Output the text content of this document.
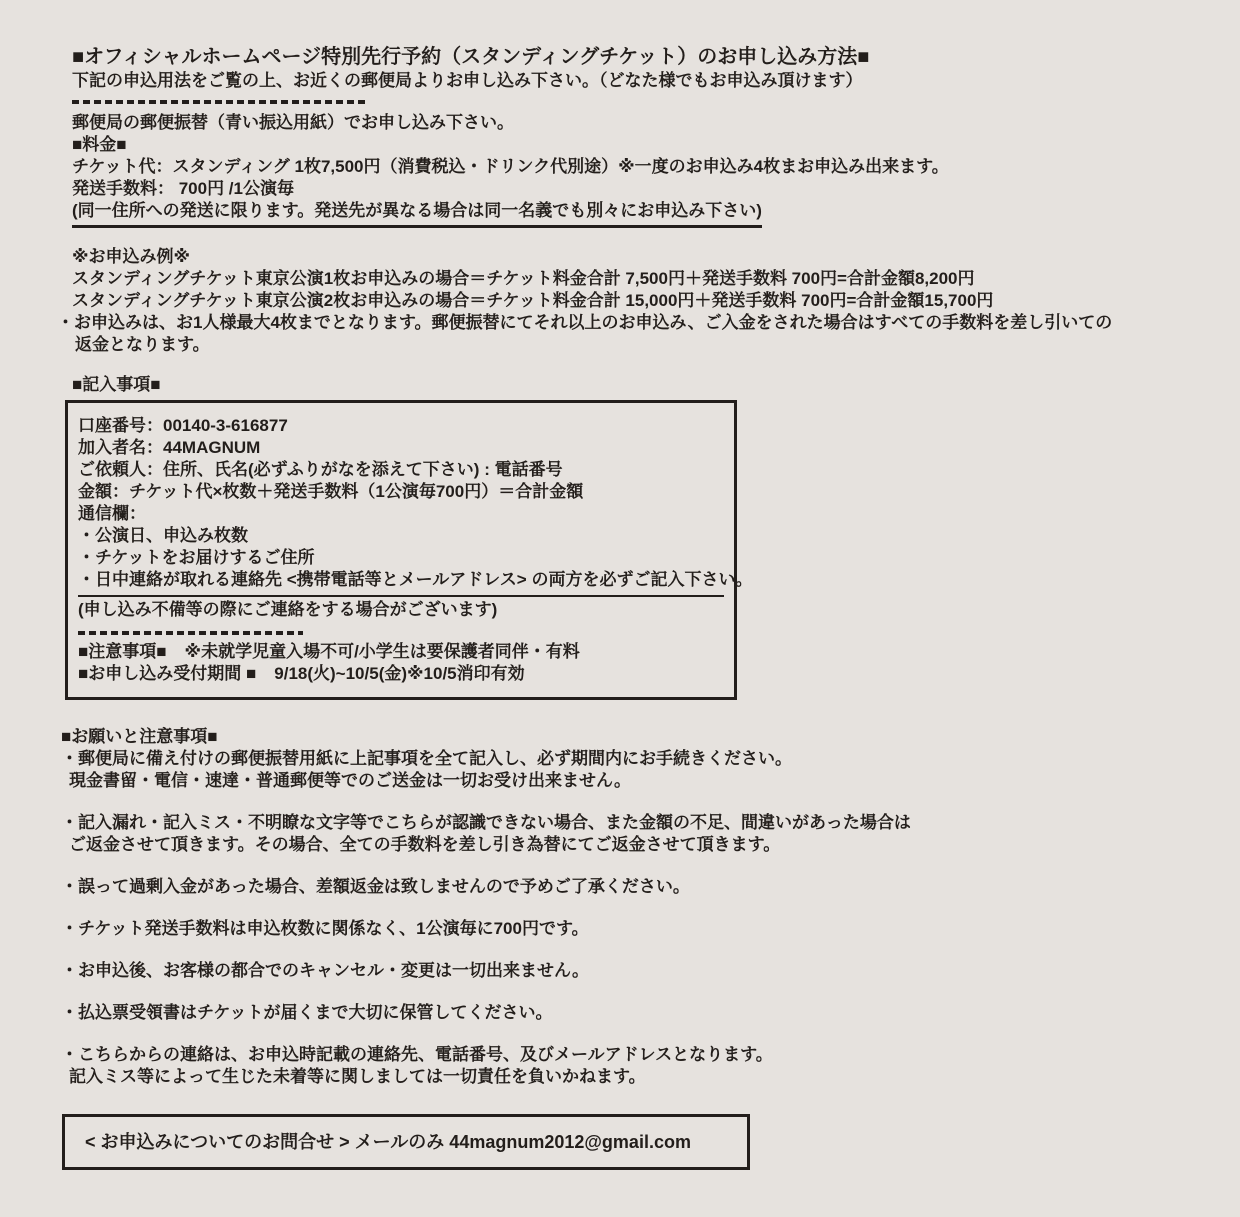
■オフィシャルホームページ特別先行予約（スタンディングチケット）のお申し込み方法■
下記の申込用法をご覧の上、お近くの郵便局よりお申し込み下さい。（どなた様でもお申込み頂けます）
郵便局の郵便振替（青い振込用紙）でお申し込み下さい。
■料金■
チケット代：スタンディング 1枚7,500円（消費税込・ドリンク代別途）※一度のお申込み4枚まお申込み出来ます。
発送手数料： 700円 /1公演毎
(同一住所への発送に限ります。発送先が異なる場合は同一名義でも別々にお申込み下さい)
※お申込み例※
スタンディングチケット東京公演1枚お申込みの場合＝チケット料金合計 7,500円＋発送手数料 700円=合計金額8,200円
スタンディングチケット東京公演2枚お申込みの場合＝チケット料金合計 15,000円＋発送手数料 700円=合計金額15,700円
・お申込みは、お1人様最大4枚までとなります。郵便振替にてそれ以上のお申込み、ご入金をされた場合はすべての手数料を差し引いての
返金となります。
■記入事項■
口座番号：00140-3-616877
加入者名：44MAGNUM
ご依頼人：住所、氏名(必ずふりがなを添えて下さい) : 電話番号
金額：チケット代×枚数＋発送手数料（1公演毎700円）＝合計金額
通信欄：
・公演日、申込み枚数
・チケットをお届けするご住所
・日中連絡が取れる連絡先 <携帯電話等とメールアドレス> の両方を必ずご記入下さい。
(申し込み不備等の際にご連絡をする場合がございます)
■注意事項■ ※未就学児童入場不可/小学生は要保護者同伴・有料
■お申し込み受付期間 ■ 9/18(火)~10/5(金)※10/5消印有効
■お願いと注意事項■
・郵便局に備え付けの郵便振替用紙に上記事項を全て記入し、必ず期間内にお手続きください。
現金書留・電信・速達・普通郵便等でのご送金は一切お受け出来ません。
・記入漏れ・記入ミス・不明瞭な文字等でこちらが認識できない場合、また金額の不足、間違いがあった場合は
ご返金させて頂きます。その場合、全ての手数料を差し引き為替にてご返金させて頂きます。
・誤って過剰入金があった場合、差額返金は致しませんので予めご了承ください。
・チケット発送手数料は申込枚数に関係なく、1公演毎に700円です。
・お申込後、お客様の都合でのキャンセル・変更は一切出来ません。
・払込票受領書はチケットが届くまで大切に保管してください。
・こちらからの連絡は、お申込時記載の連絡先、電話番号、及びメールアドレスとなります。
記入ミス等によって生じた未着等に関しましては一切責任を負いかねます。
< お申込みについてのお問合せ > メールのみ 44magnum2012@gmail.com
